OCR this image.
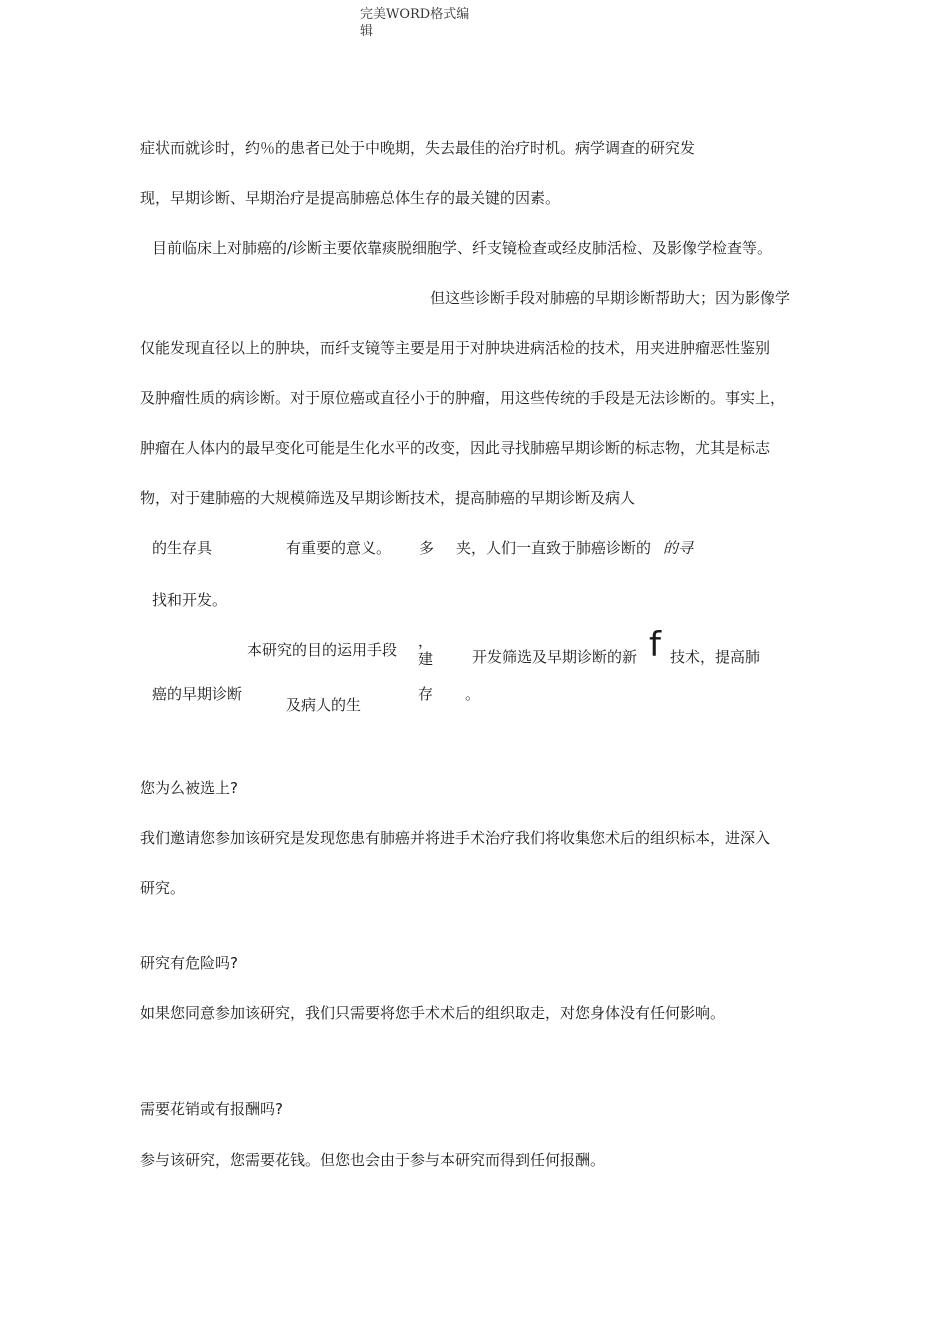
完美WORD格式编
辑
症状而就诊时，约％的患者已处于中晚期，失去最佳的治疗时机。病学调查的研究发
现，早期诊断、早期治疗是提高肺癌总体生存的最关键的因素。
目前临床上对肺癌的/诊断主要依靠痰脱细胞学、纤支镜检查或经皮肺活检、及影像学检查等。
但这些诊断手段对肺癌的早期诊断帮助大；因为影像学
仅能发现直径以上的肿块，而纤支镜等主要是用于对肿块进病活检的技术，用夹进肿瘤恶性鉴别
及肿瘤性质的病诊断。对于原位癌或直径小于的肿瘤，用这些传统的手段是无法诊断的。事实上，
肿瘤在人体内的最早变化可能是生化水平的改变，因此寻找肺癌早期诊断的标志物，尤其是标志
物，对于建肺癌的大规模筛选及早期诊断技术，提高肺癌的早期诊断及病人
的生存具	有重要的意义。 多 夹，人们一直致于肺癌诊断的 的寻
找和开发。
本研究的目的运用手段 ，
建	开发筛选及早期诊断的新 f 技术，提高肺
癌的早期诊断
及病人的生
存 。
您为么被选上?
我们邀请您参加该研究是发现您患有肺癌并将进手术治疗我们将收集您术后的组织标本，进深入
研究。
研究有危险吗?
如果您同意参加该研究，我们只需要将您手术术后的组织取走，对您身体没有任何影响。
需要花销或有报酬吗?
参与该研究，您需要花钱。但您也会由于参与本研究而得到任何报酬。
